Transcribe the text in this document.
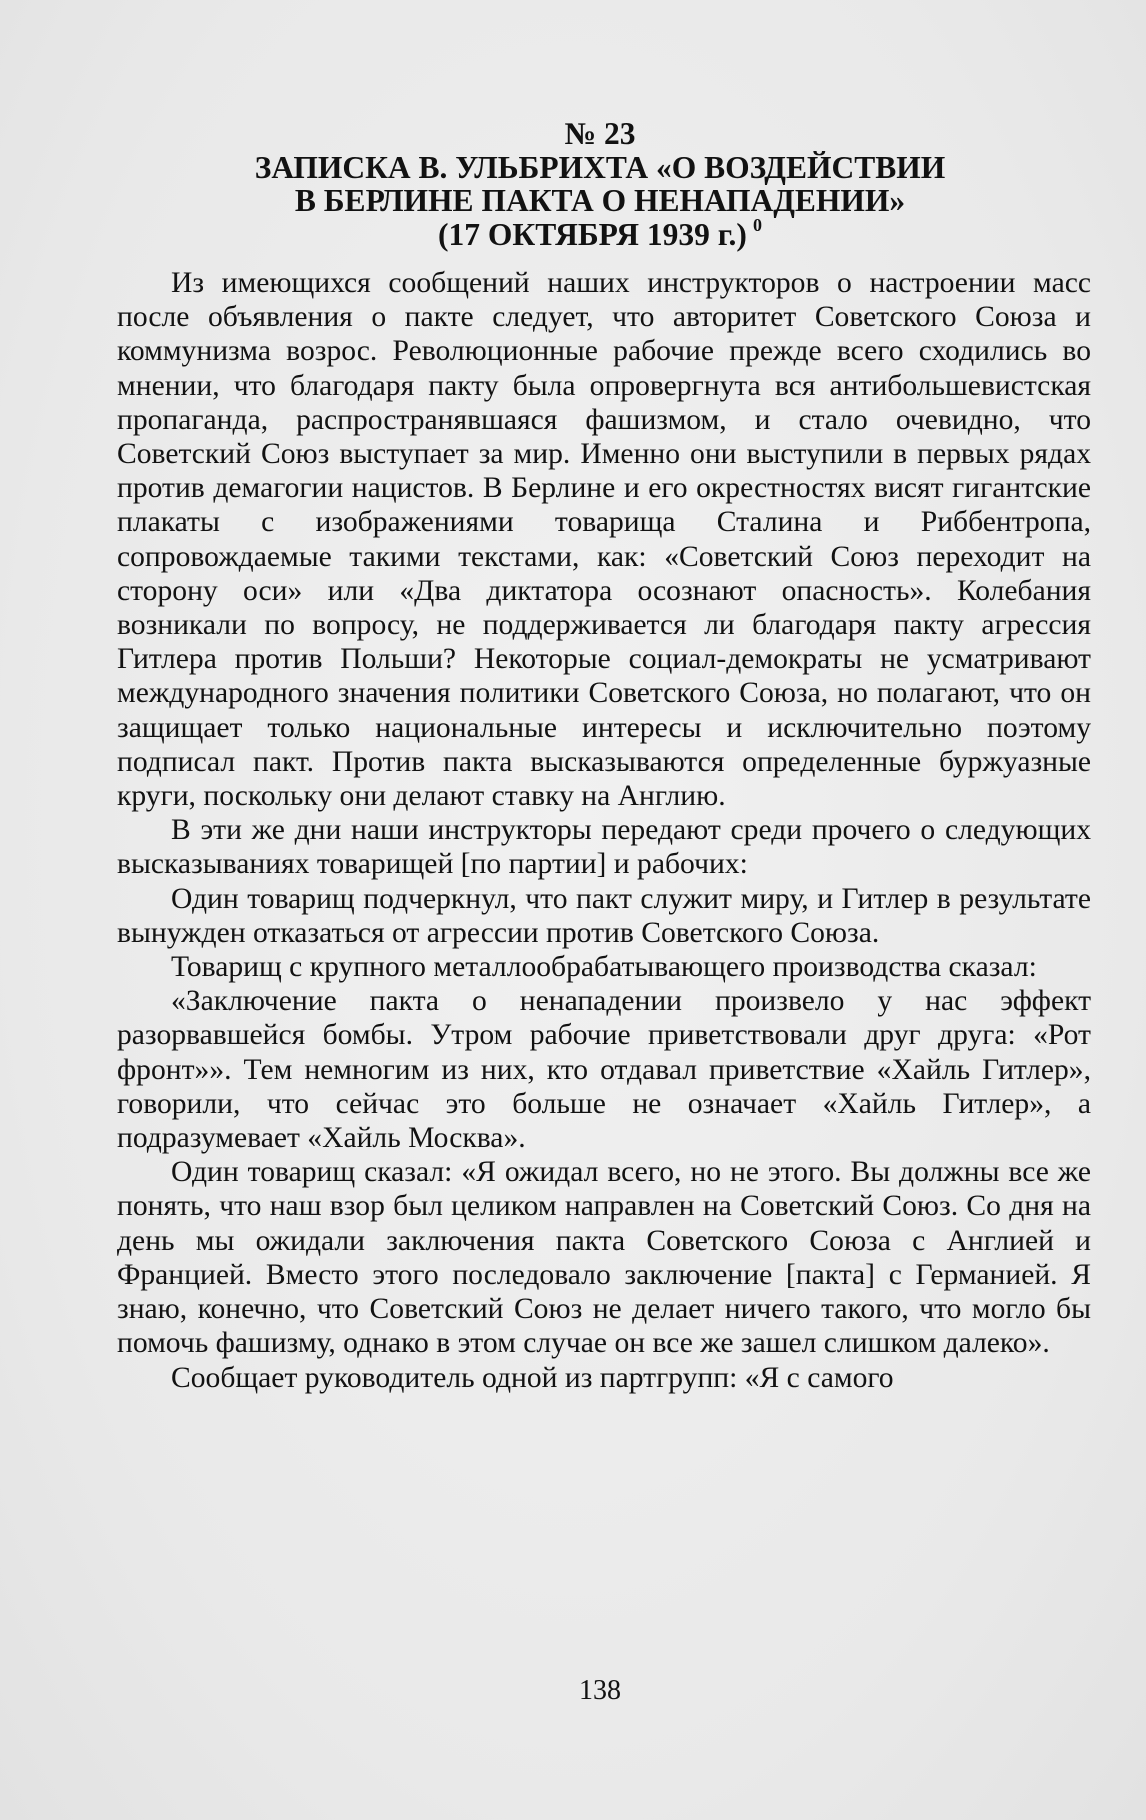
№ 23
ЗАПИСКА В. УЛЬБРИХТА «О ВОЗДЕЙСТВИИ
В БЕРЛИНЕ ПАКТА О НЕНАПАДЕНИИ»
(17 ОКТЯБРЯ 1939 г.) $^0$

Из имеющихся сообщений наших инструкторов о настроении масс после объявления о пакте следует, что авторитет Советского Союза и коммунизма возрос. Революционные рабочие прежде всего сходились во мнении, что благодаря пакту была опровергнута вся антибольшевистская пропаганда, распространявшаяся фашизмом, и стало очевидно, что Советский Союз выступает за мир. Именно они выступили в первых рядах против демагогии нацистов. В Берлине и его окрестностях висят гигантские плакаты с изображениями товарища Сталина и Риббентропа, сопровождаемые такими текстами, как: «Советский Союз переходит на сторону оси» или «Два диктатора осознают опасность». Колебания возникали по вопросу, не поддерживается ли благодаря пакту агрессия Гитлера против Польши? Некоторые социал-демократы не усматривают международного значения политики Советского Союза, но полагают, что он защищает только национальные интересы и исключительно поэтому подписал пакт. Против пакта высказываются определенные буржуазные круги, поскольку они делают ставку на Англию.

В эти же дни наши инструкторы передают среди прочего о следующих высказываниях товарищей [по партии] и рабочих:

Один товарищ подчеркнул, что пакт служит миру, и Гитлер в результате вынужден отказаться от агрессии против Советского Союза.

Товарищ с крупного металлообрабатывающего производства сказал:

«Заключение пакта о ненападении произвело у нас эффект разорвавшейся бомбы. Утром рабочие приветствовали друг друга: «Рот фронт»». Тем немногим из них, кто отдавал приветствие «Хайль Гитлер», говорили, что сейчас это больше не означает «Хайль Гитлер», а подразумевает «Хайль Москва».

Один товарищ сказал: «Я ожидал всего, но не этого. Вы должны все же понять, что наш взор был целиком направлен на Советский Союз. Со дня на день мы ожидали заключения пакта Советского Союза с Англией и Францией. Вместо этого последовало заключение [пакта] с Германией. Я знаю, конечно, что Советский Союз не делает ничего такого, что могло бы помочь фашизму, однако в этом случае он все же зашел слишком далеко».

Сообщает руководитель одной из партгрупп: «Я с самого

138
